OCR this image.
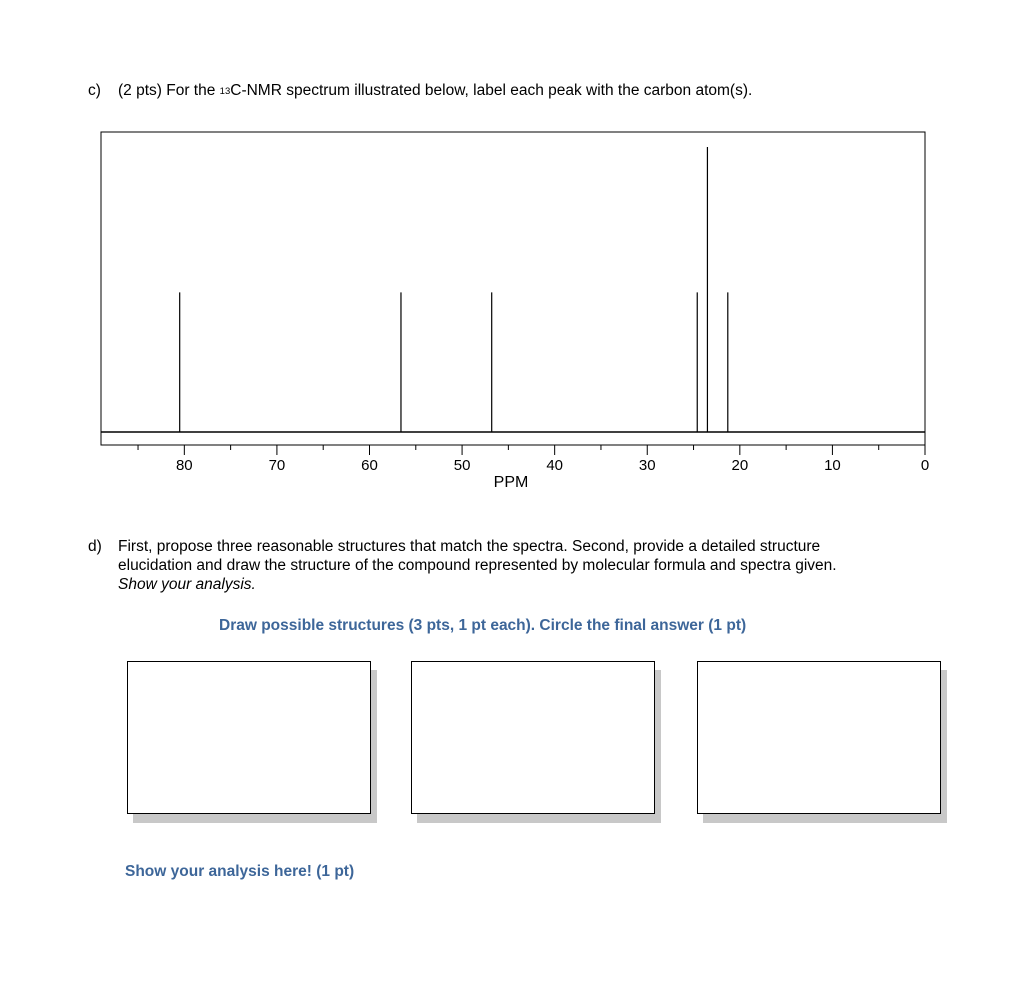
c) (2 pts) For the $^{13}$C-NMR spectrum illustrated below, label each peak with the carbon atom(s).
80	70	60	50	40	30	20	10	0
PPM
d) First, propose three reasonable structures that match the spectra. Second, provide a detailed structure
elucidation and draw the structure of the compound represented by molecular formula and spectra given.
Show your analysis.
Draw possible structures (3 pts, 1 pt each). Circle the final answer (1 pt)
Show your analysis here! (1 pt)
